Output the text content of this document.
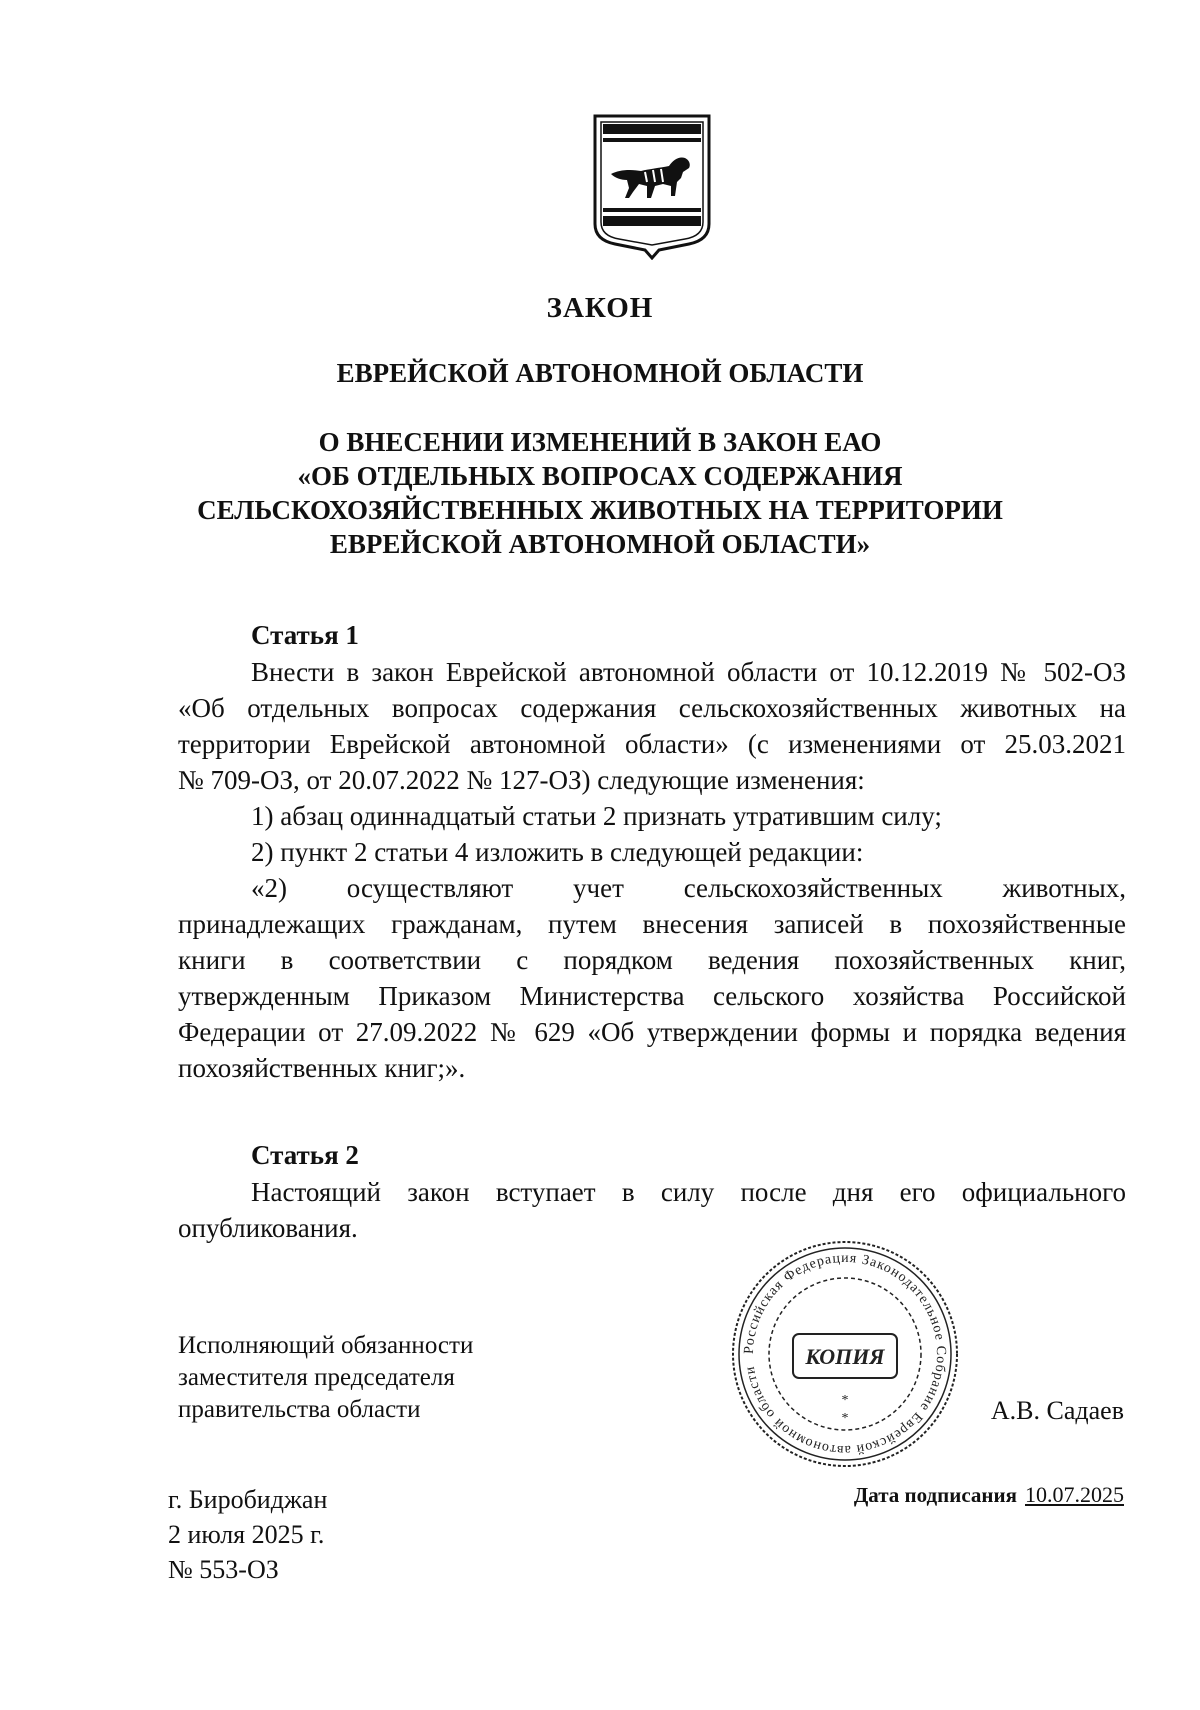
ЗАКОН
ЕВРЕЙСКОЙ АВТОНОМНОЙ ОБЛАСТИ
О ВНЕСЕНИИ ИЗМЕНЕНИЙ В ЗАКОН ЕАО
«ОБ ОТДЕЛЬНЫХ ВОПРОСАХ СОДЕРЖАНИЯ
СЕЛЬСКОХОЗЯЙСТВЕННЫХ ЖИВОТНЫХ НА ТЕРРИТОРИИ
ЕВРЕЙСКОЙ АВТОНОМНОЙ ОБЛАСТИ»
Статья 1
Внести в закон Еврейской автономной области от 10.12.2019 № 502-ОЗ
«Об отдельных вопросах содержания сельскохозяйственных животных на
территории Еврейской автономной области» (с изменениями от 25.03.2021
№ 709-ОЗ, от 20.07.2022 № 127-ОЗ) следующие изменения:
1) абзац одиннадцатый статьи 2 признать утратившим силу;
2) пункт 2 статьи 4 изложить в следующей редакции:
«2) осуществляют учет сельскохозяйственных животных,
принадлежащих гражданам, путем внесения записей в похозяйственные
книги в соответствии с порядком ведения похозяйственных книг,
утвержденным Приказом Министерства сельского хозяйства Российской
Федерации от 27.09.2022 № 629 «Об утверждении формы и порядка ведения
похозяйственных книг;».
Статья 2
Настоящий закон вступает в силу после дня его официального
опубликования.
Исполняющий обязанности
заместителя председателя
правительства области
Российская Федерация Законодательное Собрание Еврейской автономной области
КОПИЯ
*
*	А.В. Садаев
Дата подписания 10.07.2025
г. Биробиджан
2 июля 2025 г.
№ 553-ОЗ
